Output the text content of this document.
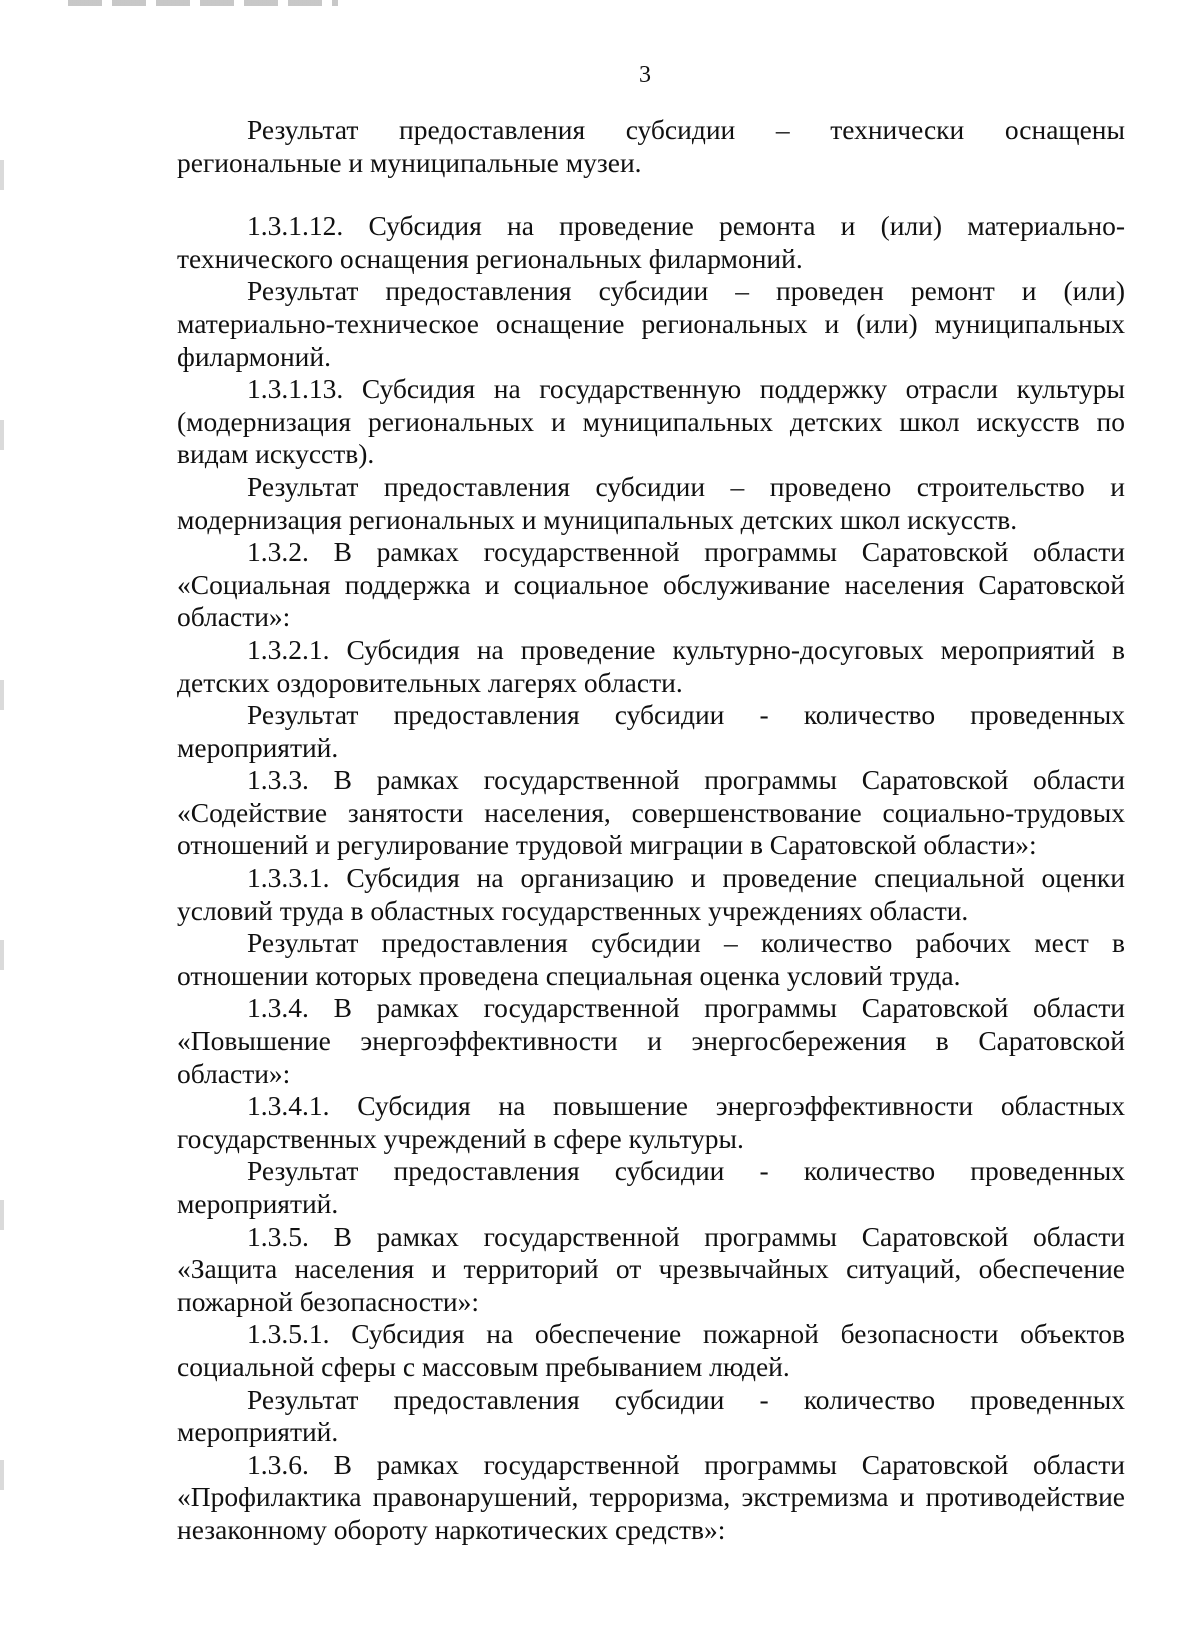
3

Результат предоставления субсидии – технически оснащены региональные и муниципальные музеи.

1.3.1.12. Субсидия на проведение ремонта и (или) материально-технического оснащения региональных филармоний.

Результат предоставления субсидии – проведен ремонт и (или) материально-техническое оснащение региональных и (или) муниципальных филармоний.

1.3.1.13. Субсидия на государственную поддержку отрасли культуры (модернизация региональных и муниципальных детских школ искусств по видам искусств).

Результат предоставления субсидии – проведено строительство и модернизация региональных и муниципальных детских школ искусств.

1.3.2. В рамках государственной программы Саратовской области «Социальная поддержка и социальное обслуживание населения Саратовской области»:

1.3.2.1. Субсидия на проведение культурно-досуговых мероприятий в детских оздоровительных лагерях области.

Результат предоставления субсидии - количество проведенных мероприятий.

1.3.3. В рамках государственной программы Саратовской области «Содействие занятости населения, совершенствование социально-трудовых отношений и регулирование трудовой миграции в Саратовской области»:

1.3.3.1. Субсидия на организацию и проведение специальной оценки условий труда в областных государственных учреждениях области.

Результат предоставления субсидии – количество рабочих мест в отношении которых проведена специальная оценка условий труда.

1.3.4. В рамках государственной программы Саратовской области «Повышение энергоэффективности и энергосбережения в Саратовской области»:

1.3.4.1. Субсидия на повышение энергоэффективности областных государственных учреждений в сфере культуры.

Результат предоставления субсидии - количество проведенных мероприятий.

1.3.5. В рамках государственной программы Саратовской области «Защита населения и территорий от чрезвычайных ситуаций, обеспечение пожарной безопасности»:

1.3.5.1. Субсидия на обеспечение пожарной безопасности объектов социальной сферы с массовым пребыванием людей.

Результат предоставления субсидии - количество проведенных мероприятий.

1.3.6. В рамках государственной программы Саратовской области «Профилактика правонарушений, терроризма, экстремизма и противодействие незаконному обороту наркотических средств»:
